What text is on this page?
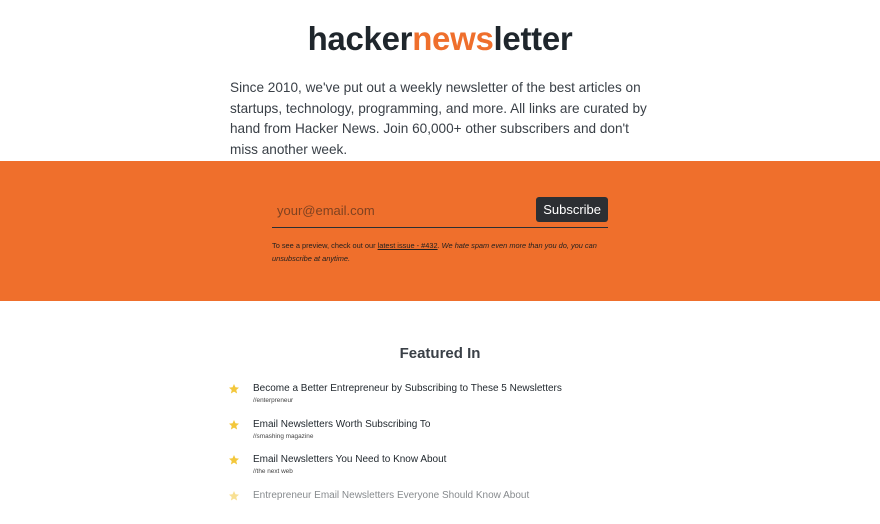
hackernewsletter

Since 2010, we've put out a weekly newsletter of the best articles on startups, technology, programming, and more. All links are curated by hand from Hacker News. Join 60,000+ other subscribers and don't miss another week.

your@email.com
Subscribe
To see a preview, check out our latest issue - #432. We hate spam even more than you do, you can unsubscribe at anytime.
Featured In
Become a Better Entrepreneur by Subscribing to These 5 Newsletters
//enterpreneur
Email Newsletters Worth Subscribing To
//smashing magazine
Email Newsletters You Need to Know About
//the next web
Entrepreneur Email Newsletters Everyone Should Know About
